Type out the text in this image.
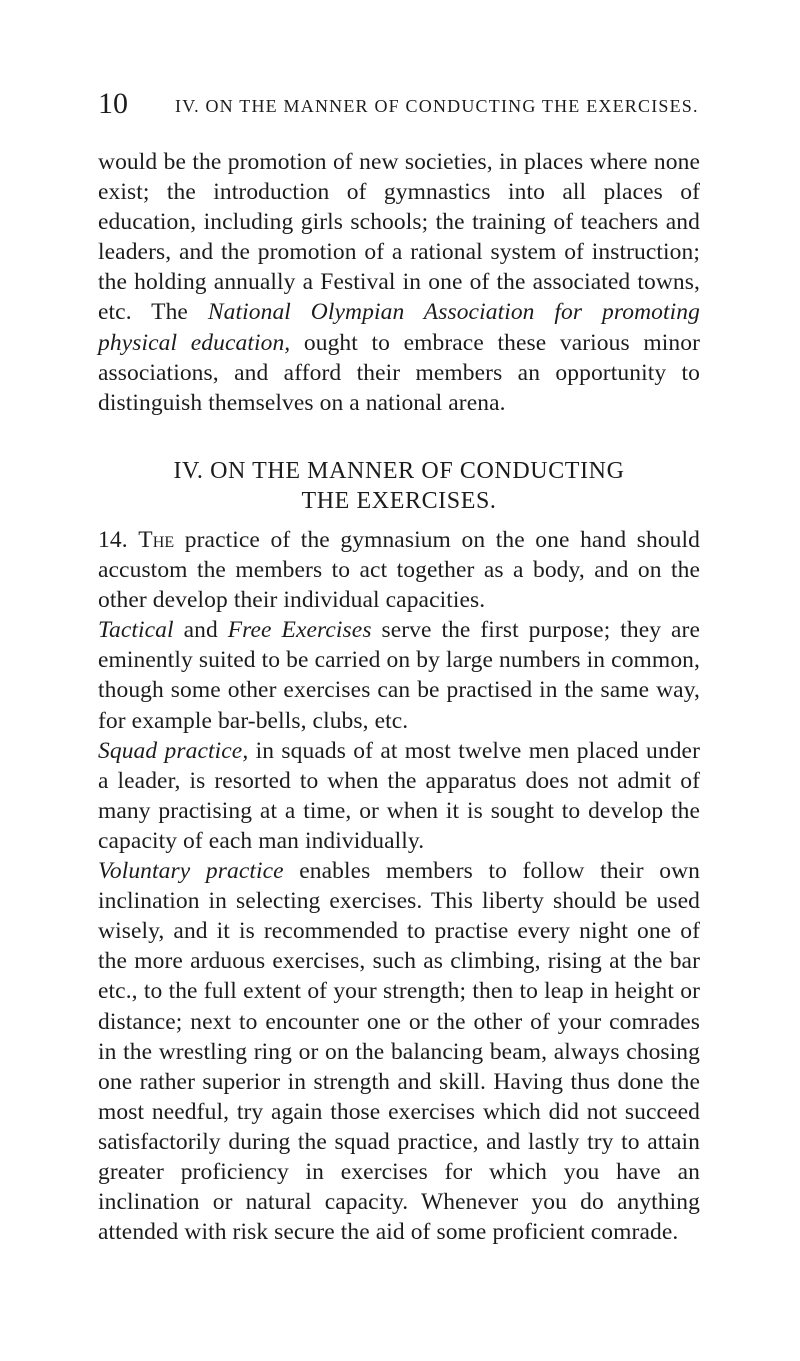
10	IV. ON THE MANNER OF CONDUCTING THE EXERCISES.
would be the promotion of new societies, in places where none exist; the introduction of gymnastics into all places of education, including girls schools; the training of teachers and leaders, and the promotion of a rational system of instruction; the holding annually a Festival in one of the associated towns, etc. The National Olympian Association for promoting physical education, ought to embrace these various minor associations, and afford their members an opportunity to distinguish themselves on a national arena.
IV. ON THE MANNER OF CONDUCTING
THE EXERCISES.

14. The practice of the gymnasium on the one hand should accustom the members to act together as a body, and on the other develop their individual capacities.

Tactical and Free Exercises serve the first purpose; they are eminently suited to be carried on by large numbers in common, though some other exercises can be practised in the same way, for example bar-bells, clubs, etc.

Squad practice, in squads of at most twelve men placed under a leader, is resorted to when the apparatus does not admit of many practising at a time, or when it is sought to develop the capacity of each man individually.

Voluntary practice enables members to follow their own inclination in selecting exercises. This liberty should be used wisely, and it is recommended to practise every night one of the more arduous exercises, such as climbing, rising at the bar etc., to the full extent of your strength; then to leap in height or distance; next to encounter one or the other of your comrades in the wrestling ring or on the balancing beam, always chosing one rather superior in strength and skill. Having thus done the most needful, try again those exercises which did not succeed satisfactorily during the squad practice, and lastly try to attain greater proficiency in exercises for which you have an inclination or natural capacity. Whenever you do anything attended with risk secure the aid of some proficient comrade.
